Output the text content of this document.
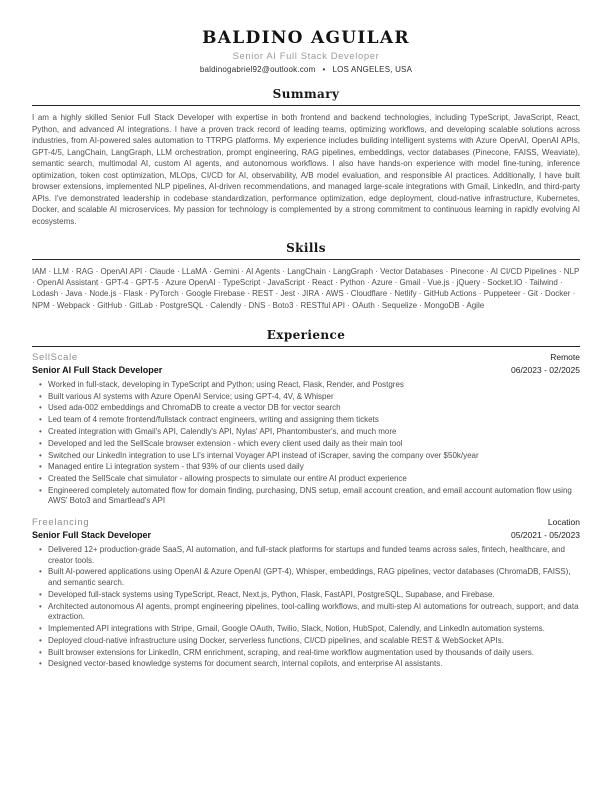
BALDINO AGUILAR
Senior AI Full Stack Developer
baldinogabriel92@outlook.com • LOS ANGELES, USA
Summary
I am a highly skilled Senior Full Stack Developer with expertise in both frontend and backend technologies, including TypeScript, JavaScript, React, Python, and advanced AI integrations. I have a proven track record of leading teams, optimizing workflows, and developing scalable solutions across industries, from AI-powered sales automation to TTRPG platforms. My experience includes building intelligent systems with Azure OpenAI, OpenAI APIs, GPT-4/5, LangChain, LangGraph, LLM orchestration, prompt engineering, RAG pipelines, embeddings, vector databases (Pinecone, FAISS, Weaviate), semantic search, multimodal AI, custom AI agents, and autonomous workflows. I also have hands-on experience with model fine-tuning, inference optimization, token cost optimization, MLOps, CI/CD for AI, observability, A/B model evaluation, and responsible AI practices. Additionally, I have built browser extensions, implemented NLP pipelines, AI-driven recommendations, and managed large-scale integrations with Gmail, LinkedIn, and third-party APIs. I've demonstrated leadership in codebase standardization, performance optimization, edge deployment, cloud-native infrastructure, Kubernetes, Docker, and scalable AI microservices. My passion for technology is complemented by a strong commitment to continuous learning in rapidly evolving AI ecosystems.
Skills
IAM · LLM · RAG · OpenAI API · Claude · LLaMA · Gemini · AI Agents · LangChain · LangGraph · Vector Databases · Pinecone · AI CI/CD Pipelines · NLP · OpenAI Assistant · GPT-4 · GPT-5 · Azure OpenAI · TypeScript · JavaScript · React · Python · Azure · Gmail · Vue.js · jQuery · Socket.IO · Tailwind · Lodash · Java · Node.js · Flask · PyTorch · Google Firebase · REST · Jest · JIRA · AWS · Cloudflare · Netlify · GitHub Actions · Puppeteer · Git · Docker · NPM · Webpack · GitHub · GitLab · PostgreSQL · Calendly · DNS · Boto3 · RESTful API · OAuth · Sequelize · MongoDB · Agile
Experience
SellScale	Remote
Senior AI Full Stack Developer	06/2023 - 02/2025
• Worked in full-stack, developing in TypeScript and Python; using React, Flask, Render, and Postgres
• Built various AI systems with Azure OpenAI Service; using GPT-4, 4V, & Whisper
• Used ada-002 embeddings and ChromaDB to create a vector DB for vector search
• Led team of 4 remote frontend/fullstack contract engineers, writing and assigning them tickets
• Created integration with Gmail's API, Calendly's API, Nylas' API, Phantombuster's, and much more
• Developed and led the SellScale browser extension - which every client used daily as their main tool
• Switched our LinkedIn integration to use LI's internal Voyager API instead of iScraper, saving the company over $50k/year
• Managed entire Li integration system - that 93% of our clients used daily
• Created the SellScale chat simulator - allowing prospects to simulate our entire AI product experience
• Engineered completely automated flow for domain finding, purchasing, DNS setup, email account creation, and email account automation flow using AWS' Boto3 and Smartlead's API
Freelancing	Location
Senior Full Stack Developer	05/2021 - 05/2023
• Delivered 12+ production-grade SaaS, AI automation, and full-stack platforms for startups and funded teams across sales, fintech, healthcare, and creator tools.
• Built AI-powered applications using OpenAI & Azure OpenAI (GPT-4), Whisper, embeddings, RAG pipelines, vector databases (ChromaDB, FAISS), and semantic search.
• Developed full-stack systems using TypeScript, React, Next.js, Python, Flask, FastAPI, PostgreSQL, Supabase, and Firebase.
• Architected autonomous AI agents, prompt engineering pipelines, tool-calling workflows, and multi-step AI automations for outreach, support, and data extraction.
• Implemented API integrations with Stripe, Gmail, Google OAuth, Twilio, Slack, Notion, HubSpot, Calendly, and LinkedIn automation systems.
• Deployed cloud-native infrastructure using Docker, serverless functions, CI/CD pipelines, and scalable REST & WebSocket APIs.
• Built browser extensions for LinkedIn, CRM enrichment, scraping, and real-time workflow augmentation used by thousands of daily users.
• Designed vector-based knowledge systems for document search, internal copilots, and enterprise AI assistants.
